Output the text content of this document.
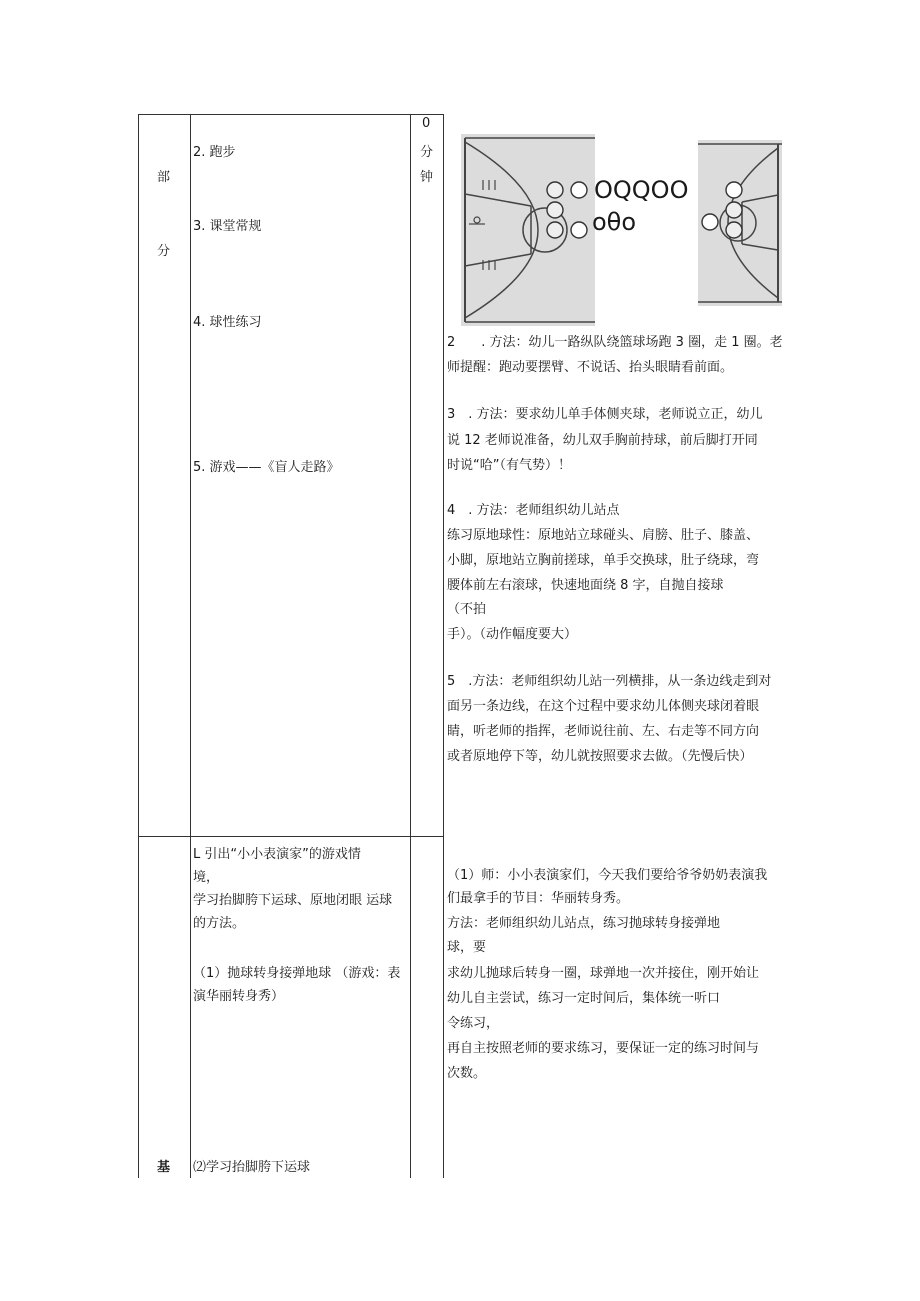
部
分
2. 跑步
3. 课堂常规
4. 球性练习
5. 游戏——《盲人走路》
0
分
钟	OQQOO
oθo
2　　. 方法：幼儿一路纵队绕篮球场跑 3 圈，走 1 圈。老
师提醒：跑动要摆臂、不说话、抬头眼睛看前面。
3　. 方法：要求幼儿单手体侧夹球，老师说立正，幼儿
说 12 老师说准备，幼儿双手胸前持球，前后脚打开同
时说“哈”（有气势）！
4　. 方法：老师组织幼儿站点
练习原地球性：原地站立球碰头、肩膀、肚子、膝盖、
小脚，原地站立胸前搓球，单手交换球，肚子绕球，弯
腰体前左右滚球，快速地面绕 8 字，自抛自接球
（不拍
手）。（动作幅度要大）
5　.方法：老师组织幼儿站一列横排，从一条边线走到对
面另一条边线，在这个过程中要求幼儿体侧夹球闭着眼
睛，听老师的指挥，老师说往前、左、右走等不同方向
或者原地停下等，幼儿就按照要求去做。（先慢后快）
基
L 引出“小小表演家”的游戏情
境，
学习抬脚胯下运球、原地闭眼 运球
的方法。
（1）抛球转身接弹地球 （游戏：表
演华丽转身秀）
⑵学习抬脚胯下运球
（1）师：小小表演家们，今天我们要给爷爷奶奶表演我
们最拿手的节目：华丽转身秀。
方法：老师组织幼儿站点，练习抛球转身接弹地
球，要
求幼儿抛球后转身一圈，球弹地一次并接住，刚开始让
幼儿自主尝试，练习一定时间后，集体统一听口
令练习，
再自主按照老师的要求练习，要保证一定的练习时间与
次数。
